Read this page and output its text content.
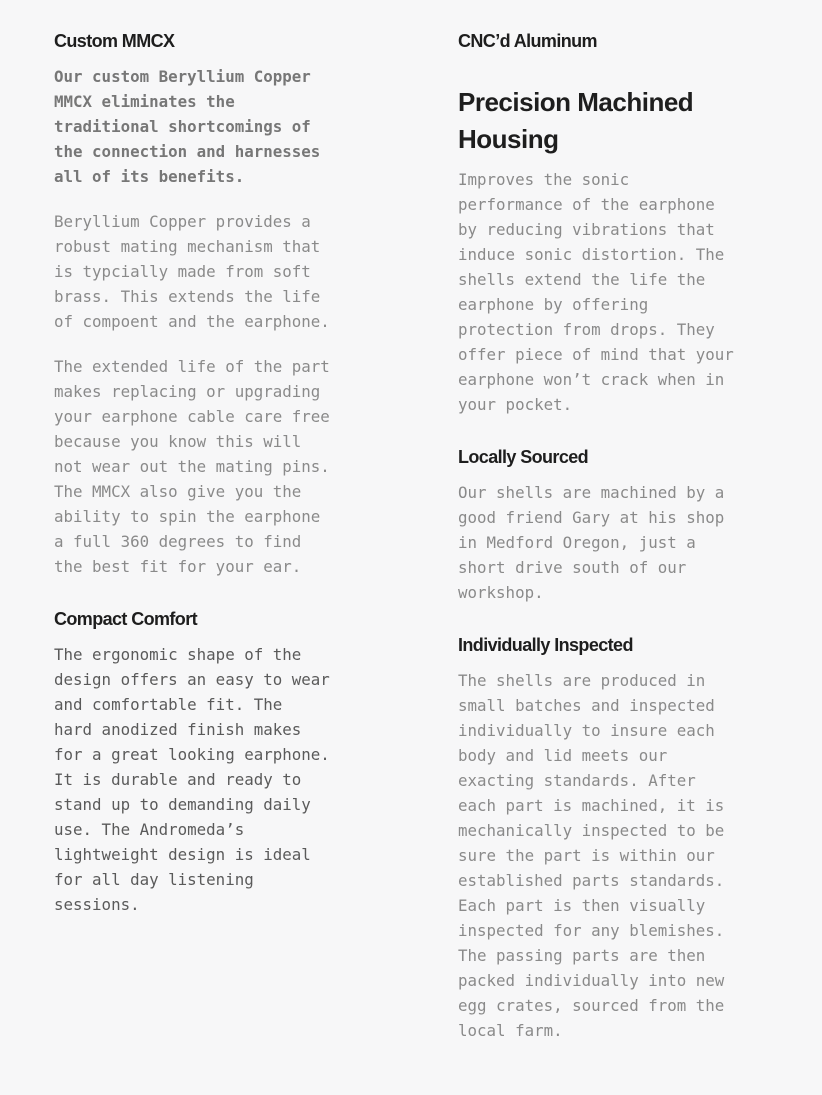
Custom MMCX

Our custom Beryllium Copper
MMCX eliminates the
traditional shortcomings of
the connection and harnesses
all of its benefits.

Beryllium Copper provides a
robust mating mechanism that
is typcially made from soft
brass. This extends the life
of compoent and the earphone.

The extended life of the part
makes replacing or upgrading
your earphone cable care free
because you know this will
not wear out the mating pins.
The MMCX also give you the
ability to spin the earphone
a full 360 degrees to find
the best fit for your ear.

Compact Comfort

The ergonomic shape of the
design offers an easy to wear
and comfortable fit. The
hard anodized finish makes
for a great looking earphone.
It is durable and ready to
stand up to demanding daily
use. The Andromeda’s
lightweight design is ideal
for all day listening
sessions.

CNC’d Aluminum
Precision Machined
Housing

Improves the sonic
performance of the earphone
by reducing vibrations that
induce sonic distortion. The
shells extend the life the
earphone by offering
protection from drops. They
offer piece of mind that your
earphone won’t crack when in
your pocket.

Locally Sourced

Our shells are machined by a
good friend Gary at his shop
in Medford Oregon, just a
short drive south of our
workshop.

Individually Inspected

The shells are produced in
small batches and inspected
individually to insure each
body and lid meets our
exacting standards. After
each part is machined, it is
mechanically inspected to be
sure the part is within our
established parts standards.
Each part is then visually
inspected for any blemishes.
The passing parts are then
packed individually into new
egg crates, sourced from the
local farm.
